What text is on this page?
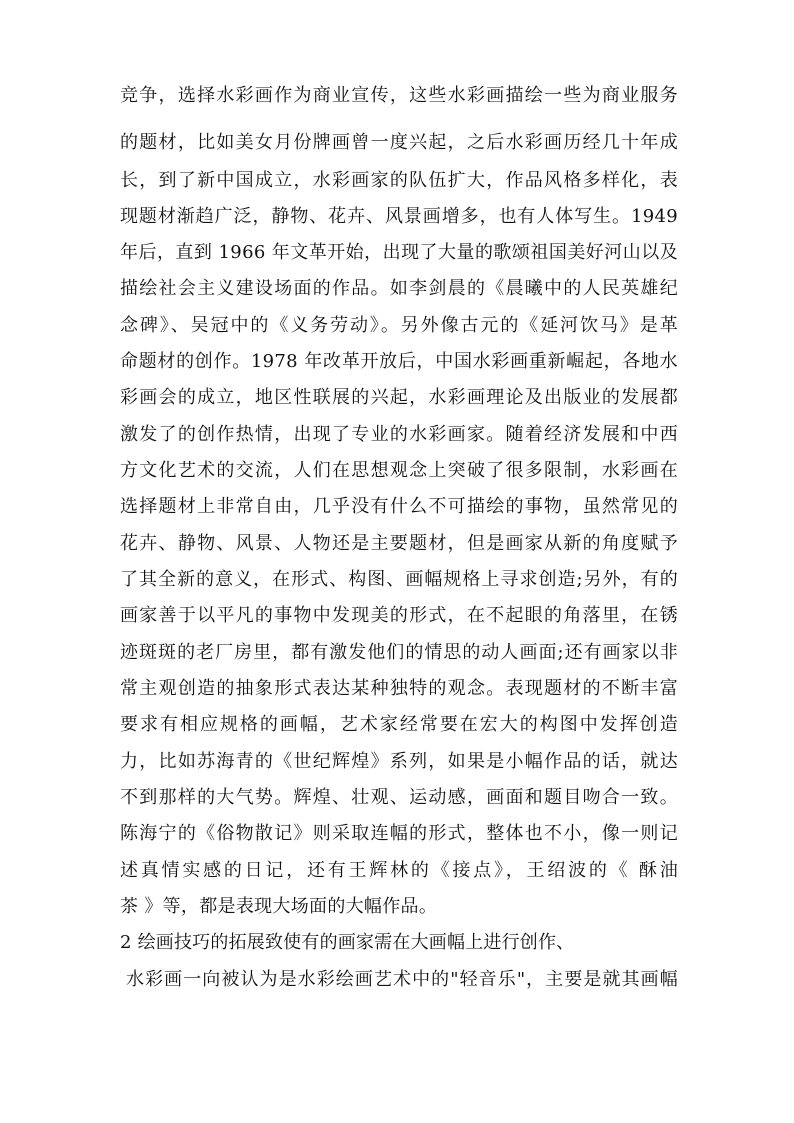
竞争，选择水彩画作为商业宣传，这些水彩画描绘一些为商业服务
的题材，比如美女月份牌画曾一度兴起，之后水彩画历经几十年成
长，到了新中国成立，水彩画家的队伍扩大，作品风格多样化，表
现题材渐趋广泛，静物、花卉、风景画增多，也有人体写生。1949
年后，直到 1966 年文革开始，出现了大量的歌颂祖国美好河山以及
描绘社会主义建设场面的作品。如李剑晨的《晨曦中的人民英雄纪
念碑》、吴冠中的《义务劳动》。另外像古元的《延河饮马》是革
命题材的创作。1978 年改革开放后，中国水彩画重新崛起，各地水
彩画会的成立，地区性联展的兴起，水彩画理论及出版业的发展都
激发了的创作热情，出现了专业的水彩画家。随着经济发展和中西
方文化艺术的交流，人们在思想观念上突破了很多限制，水彩画在
选择题材上非常自由，几乎没有什么不可描绘的事物，虽然常见的
花卉、静物、风景、人物还是主要题材，但是画家从新的角度赋予
了其全新的意义，在形式、构图、画幅规格上寻求创造;另外，有的
画家善于以平凡的事物中发现美的形式，在不起眼的角落里，在锈
迹斑斑的老厂房里，都有激发他们的情思的动人画面;还有画家以非
常主观创造的抽象形式表达某种独特的观念。表现题材的不断丰富
要求有相应规格的画幅，艺术家经常要在宏大的构图中发挥创造
力，比如苏海青的《世纪辉煌》系列，如果是小幅作品的话，就达
不到那样的大气势。辉煌、壮观、运动感，画面和题目吻合一致。
陈海宁的《俗物散记》则采取连幅的形式，整体也不小，像一则记
述真情实感的日记，还有王辉林的《接点》，王绍波的《 酥油
茶 》等，都是表现大场面的大幅作品。
2 绘画技巧的拓展致使有的画家需在大画幅上进行创作、
水彩画一向被认为是水彩绘画艺术中的"轻音乐"，主要是就其画幅
